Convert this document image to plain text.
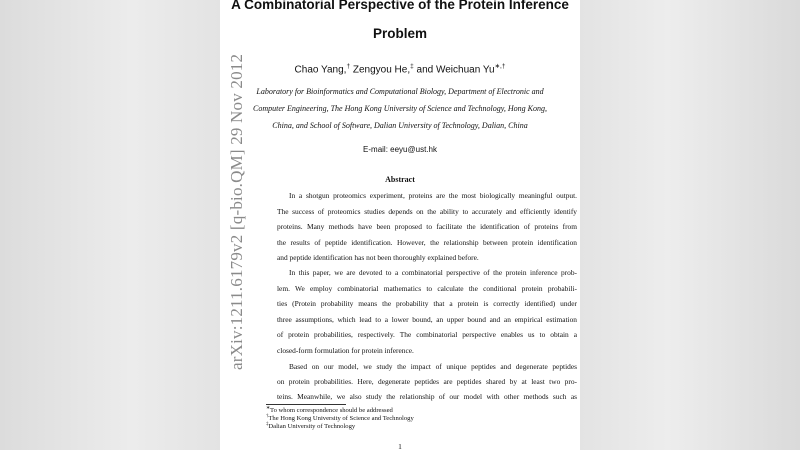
A Combinatorial Perspective of the Protein Inference
Problem
Chao Yang,† Zengyou He,‡ and Weichuan Yu∗,†
Laboratory for Bioinformatics and Computational Biology, Department of Electronic and
Computer Engineering, The Hong Kong University of Science and Technology, Hong Kong,
China, and School of Software, Dalian University of Technology, Dalian, China
E-mail: eeyu@ust.hk
Abstract
In a shotgun proteomics experiment, proteins are the most biologically meaningful output.
The success of proteomics studies depends on the ability to accurately and efficiently identify
proteins. Many methods have been proposed to facilitate the identification of proteins from
the results of peptide identification. However, the relationship between protein identification
and peptide identification has not been thoroughly explained before.
In this paper, we are devoted to a combinatorial perspective of the protein inference prob-
lem. We employ combinatorial mathematics to calculate the conditional protein probabili-
ties (Protein probability means the probability that a protein is correctly identified) under
three assumptions, which lead to a lower bound, an upper bound and an empirical estimation
of protein probabilities, respectively. The combinatorial perspective enables us to obtain a
closed-form formulation for protein inference.
Based on our model, we study the impact of unique peptides and degenerate peptides
on protein probabilities. Here, degenerate peptides are peptides shared by at least two pro-
teins. Meanwhile, we also study the relationship of our model with other methods such as
∗To whom correspondence should be addressed
†The Hong Kong University of Science and Technology
‡Dalian University of Technology
1
arXiv:1211.6179v2 [q-bio.QM] 29 Nov 2012
